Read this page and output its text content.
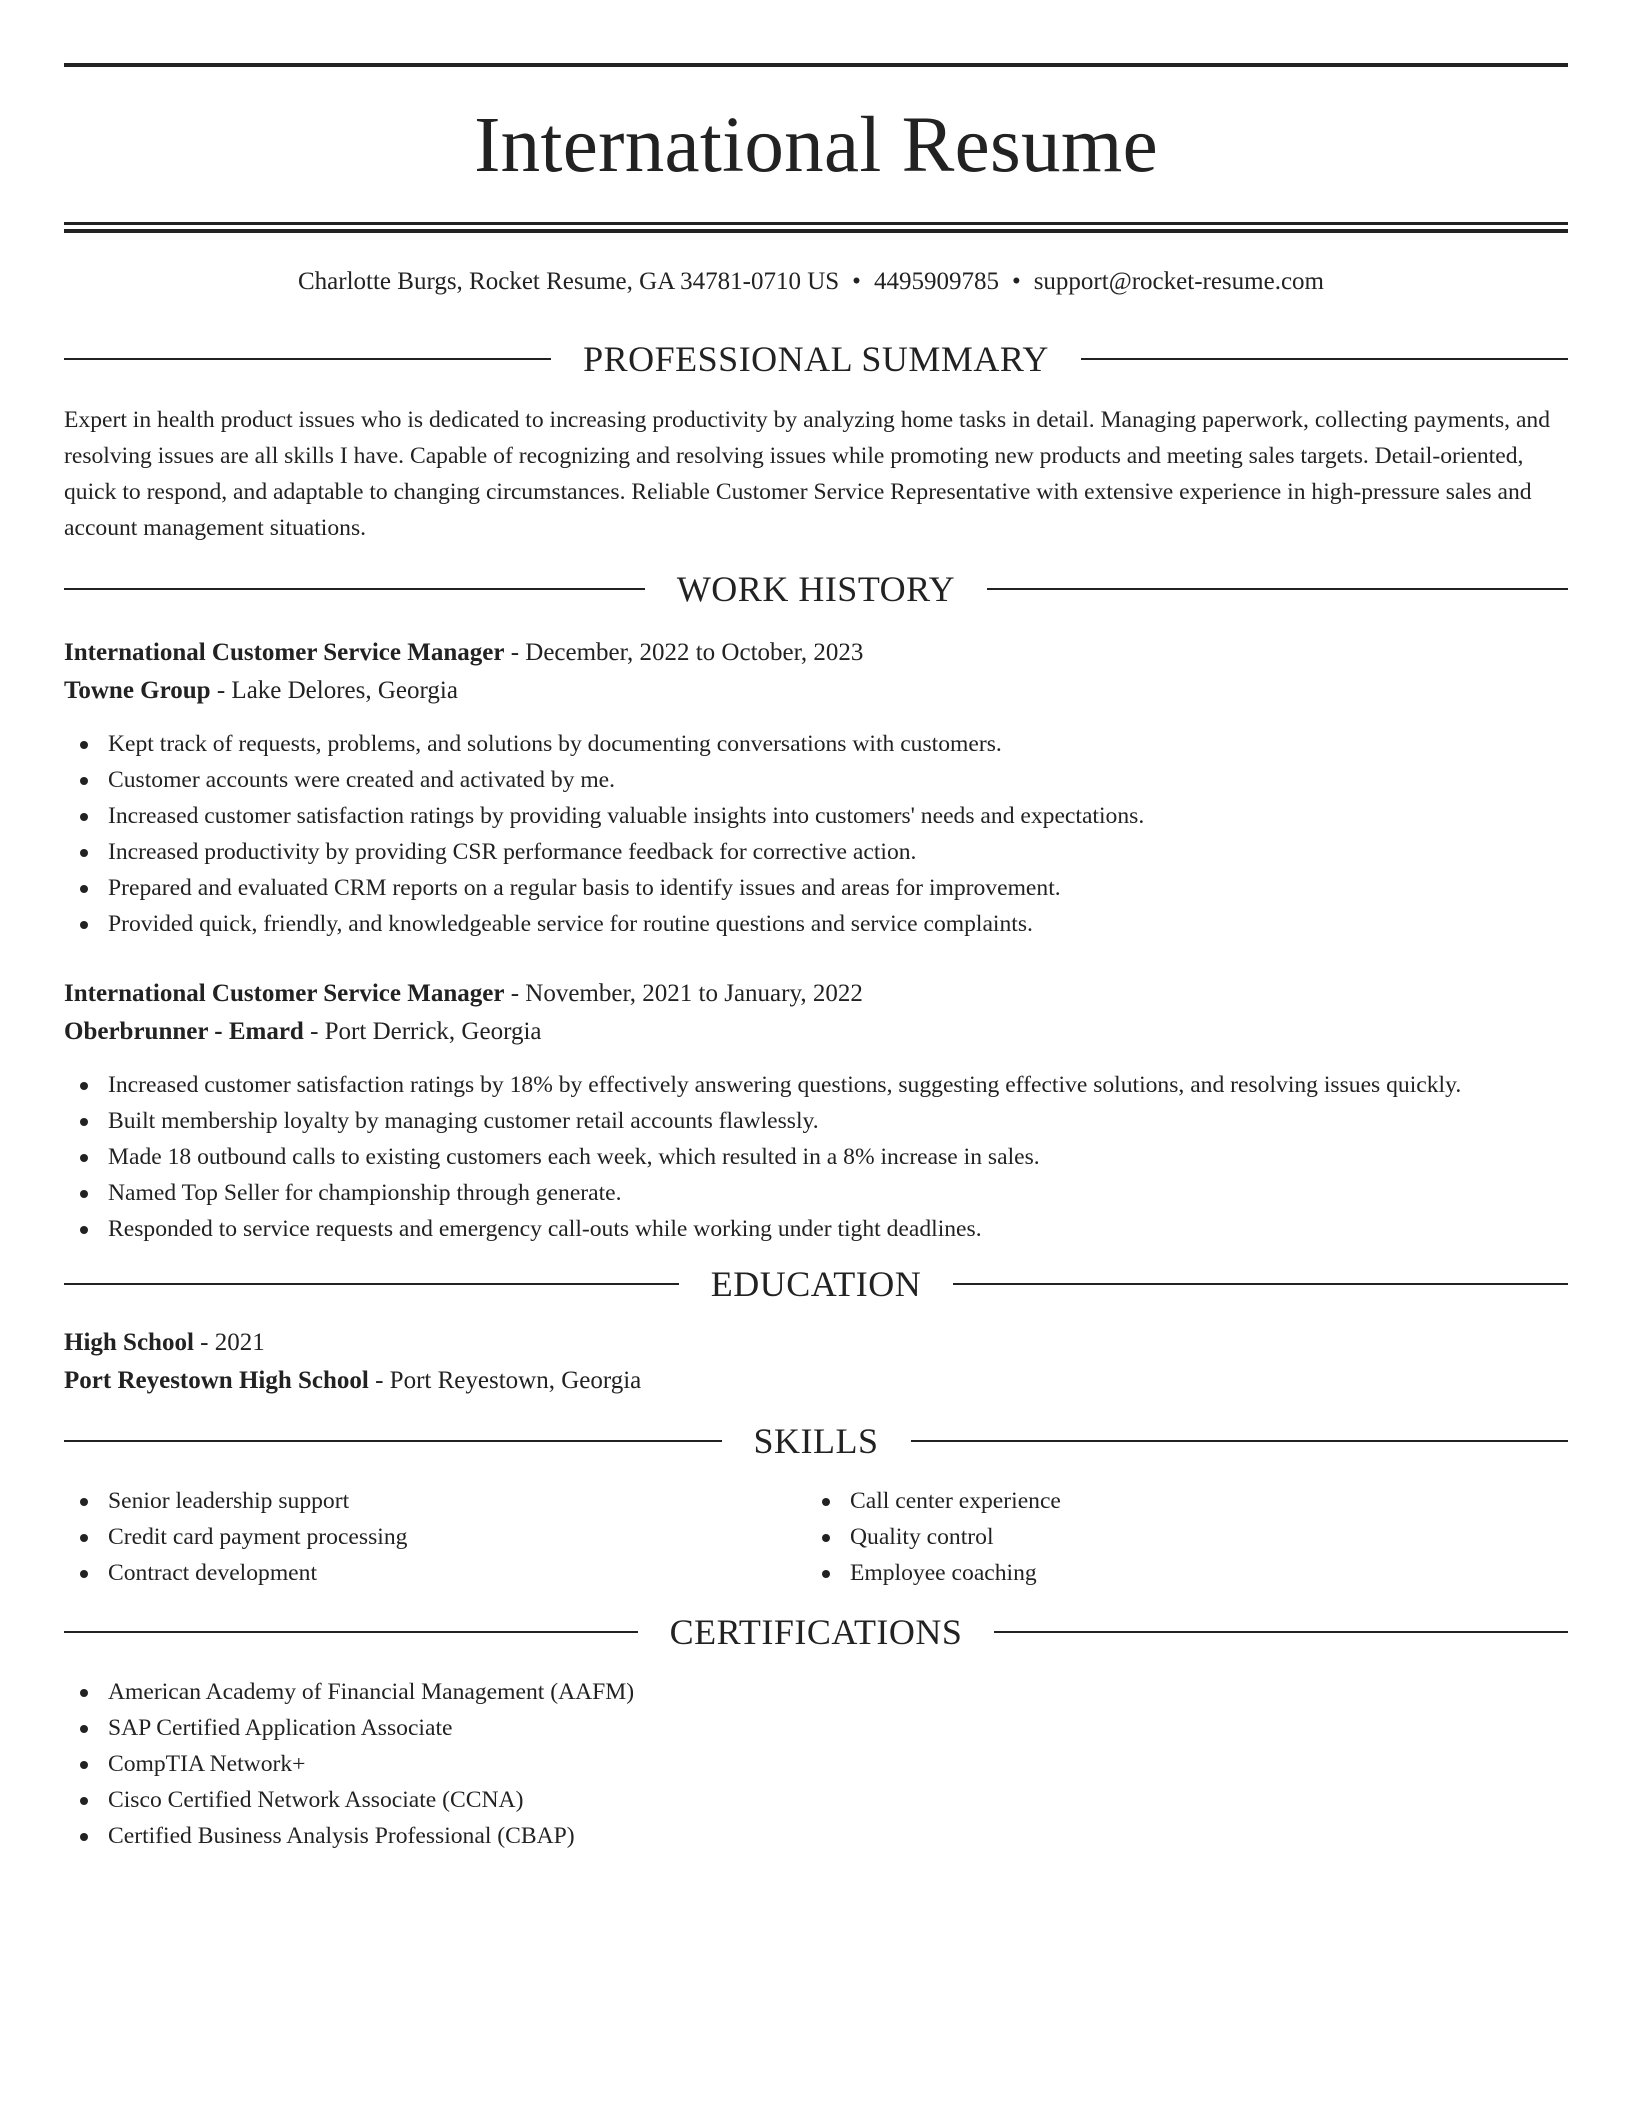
International Resume
Charlotte Burgs, Rocket Resume, GA 34781-0710 US • 4495909785 • support@rocket-resume.com
PROFESSIONAL SUMMARY

Expert in health product issues who is dedicated to increasing productivity by analyzing home tasks in detail. Managing paperwork, collecting payments, and resolving issues are all skills I have. Capable of recognizing and resolving issues while promoting new products and meeting sales targets. Detail-oriented, quick to respond, and adaptable to changing circumstances. Reliable Customer Service Representative with extensive experience in high-pressure sales and account management situations.

WORK HISTORY
International Customer Service Manager - December, 2022 to October, 2023
Towne Group - Lake Delores, Georgia
Kept track of requests, problems, and solutions by documenting conversations with customers.
Customer accounts were created and activated by me.
Increased customer satisfaction ratings by providing valuable insights into customers' needs and expectations.
Increased productivity by providing CSR performance feedback for corrective action.
Prepared and evaluated CRM reports on a regular basis to identify issues and areas for improvement.
Provided quick, friendly, and knowledgeable service for routine questions and service complaints.
International Customer Service Manager - November, 2021 to January, 2022
Oberbrunner - Emard - Port Derrick, Georgia
Increased customer satisfaction ratings by 18% by effectively answering questions, suggesting effective solutions, and resolving issues quickly.
Built membership loyalty by managing customer retail accounts flawlessly.
Made 18 outbound calls to existing customers each week, which resulted in a 8% increase in sales.
Named Top Seller for championship through generate.
Responded to service requests and emergency call-outs while working under tight deadlines.
EDUCATION
High School - 2021
Port Reyestown High School - Port Reyestown, Georgia
SKILLS
Senior leadership support
Credit card payment processing
Contract development
Call center experience
Quality control
Employee coaching
CERTIFICATIONS
American Academy of Financial Management (AAFM)
SAP Certified Application Associate
CompTIA Network+
Cisco Certified Network Associate (CCNA)
Certified Business Analysis Professional (CBAP)
